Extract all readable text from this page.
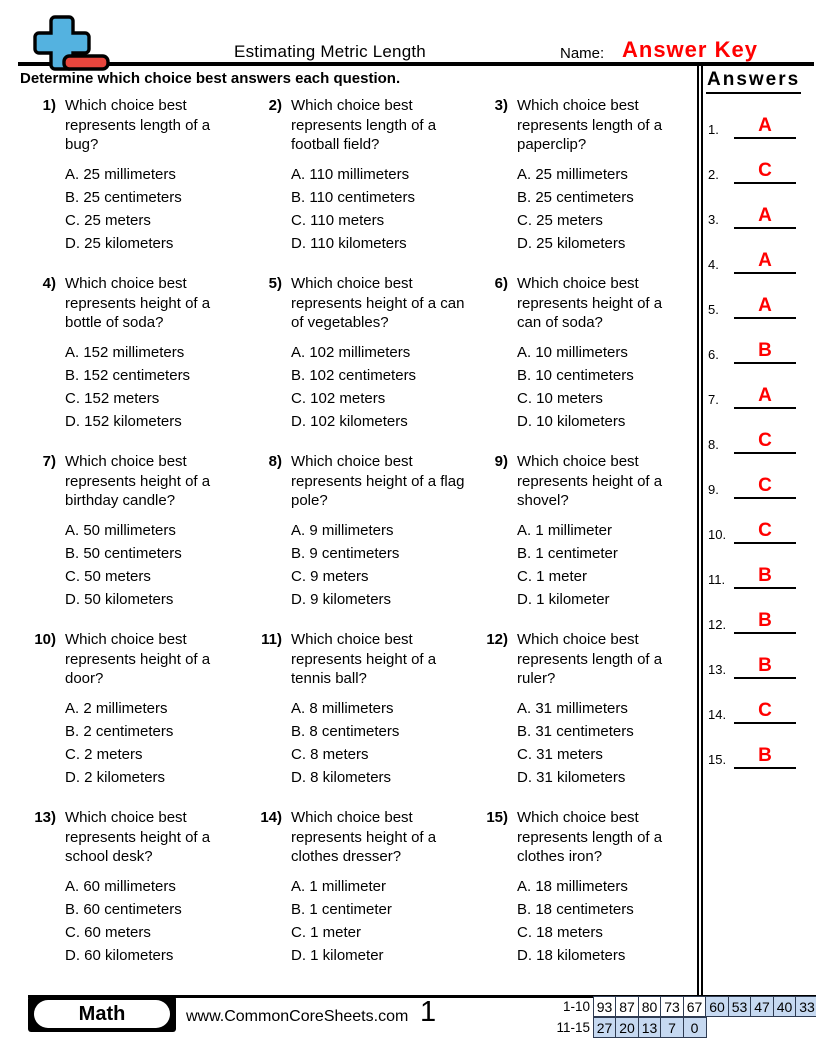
Estimating Metric Length	Name: Answer Key
Determine which choice best answers each question.
1) Which choice best represents length of a bug?
A. 25 millimeters
B. 25 centimeters
C. 25 meters
D. 25 kilometers
2) Which choice best represents length of a football field?
A. 110 millimeters
B. 110 centimeters
C. 110 meters
D. 110 kilometers
3) Which choice best represents length of a paperclip?
A. 25 millimeters
B. 25 centimeters
C. 25 meters
D. 25 kilometers
4) Which choice best represents height of a bottle of soda?
A. 152 millimeters
B. 152 centimeters
C. 152 meters
D. 152 kilometers
5) Which choice best represents height of a can of vegetables?
A. 102 millimeters
B. 102 centimeters
C. 102 meters
D. 102 kilometers
6) Which choice best represents height of a can of soda?
A. 10 millimeters
B. 10 centimeters
C. 10 meters
D. 10 kilometers
7) Which choice best represents height of a birthday candle?
A. 50 millimeters
B. 50 centimeters
C. 50 meters
D. 50 kilometers
8) Which choice best represents height of a flag pole?
A. 9 millimeters
B. 9 centimeters
C. 9 meters
D. 9 kilometers
9) Which choice best represents height of a shovel?
A. 1 millimeter
B. 1 centimeter
C. 1 meter
D. 1 kilometer
10) Which choice best represents height of a door?
A. 2 millimeters
B. 2 centimeters
C. 2 meters
D. 2 kilometers
11) Which choice best represents height of a tennis ball?
A. 8 millimeters
B. 8 centimeters
C. 8 meters
D. 8 kilometers
12) Which choice best represents length of a ruler?
A. 31 millimeters
B. 31 centimeters
C. 31 meters
D. 31 kilometers
13) Which choice best represents height of a school desk?
A. 60 millimeters
B. 60 centimeters
C. 60 meters
D. 60 kilometers
14) Which choice best represents height of a clothes dresser?
A. 1 millimeter
B. 1 centimeter
C. 1 meter
D. 1 kilometer
15) Which choice best represents length of a clothes iron?
A. 18 millimeters
B. 18 centimeters
C. 18 meters
D. 18 kilometers
Answers
1.	A
2.	C
3.	A
4.	A
5.	A
6.	B
7.	A
8.	C
9.	C
10.	C
11.	B
12.	B
13.	B
14.	C
15.	B
Math	www.CommonCoreSheets.com 1	1-10 93 87 80 73 67 60 53 47 40 33
11-15 27 20 13 7	0
